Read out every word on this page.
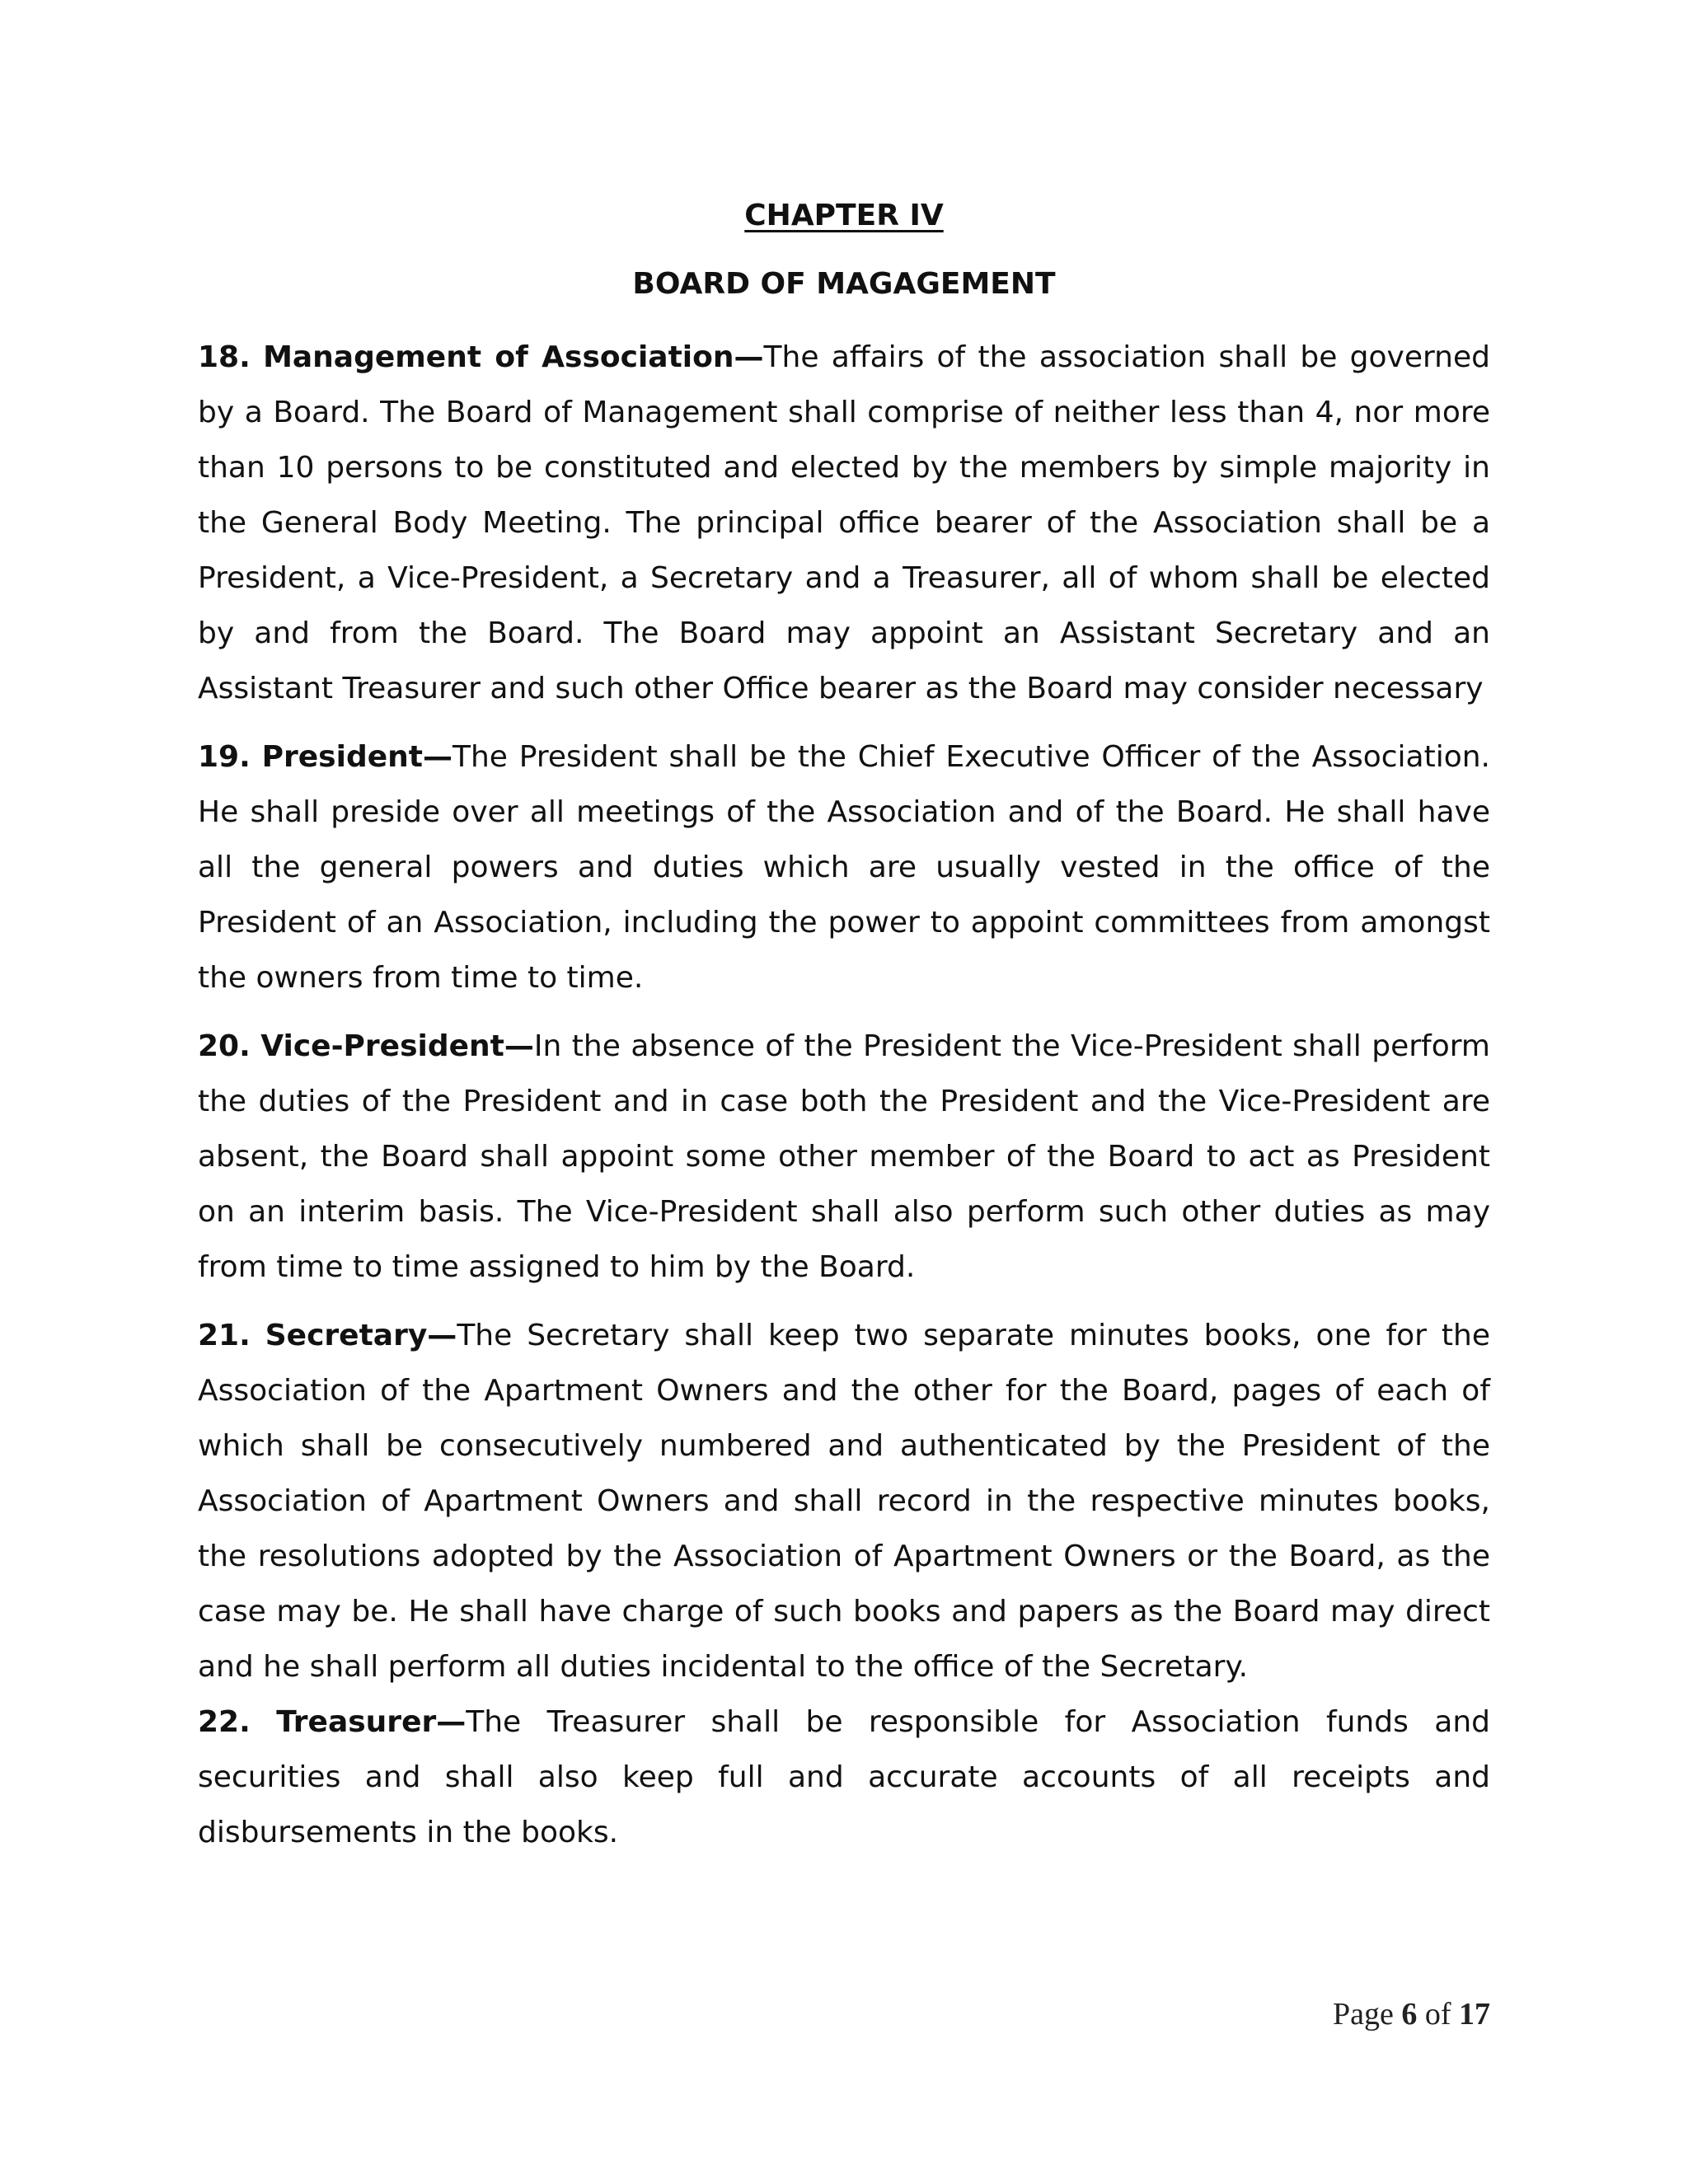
CHAPTER IV
BOARD OF MAGAGEMENT

18. Management of Association—The affairs of the association shall be governed by a Board. The Board of Management shall comprise of neither less than 4, nor more than 10 persons to be constituted and elected by the members by simple majority in the General Body Meeting. The principal office bearer of the Association shall be a President, a Vice-President, a Secretary and a Treasurer, all of whom shall be elected by and from the Board. The Board may appoint an Assistant Secretary and an Assistant Treasurer and such other Office bearer as the Board may consider necessary

19. President—The President shall be the Chief Executive Officer of the Association. He shall preside over all meetings of the Association and of the Board. He shall have all the general powers and duties which are usually vested in the office of the President of an Association, including the power to appoint committees from amongst the owners from time to time.

20. Vice-President—In the absence of the President the Vice-President shall perform the duties of the President and in case both the President and the Vice-President are absent, the Board shall appoint some other member of the Board to act as President on an interim basis. The Vice-President shall also perform such other duties as may from time to time assigned to him by the Board.

21. Secretary—The Secretary shall keep two separate minutes books, one for the Association of the Apartment Owners and the other for the Board, pages of each of which shall be consecutively numbered and authenticated by the President of the Association of Apartment Owners and shall record in the respective minutes books, the resolutions adopted by the Association of Apartment Owners or the Board, as the case may be. He shall have charge of such books and papers as the Board may direct and he shall perform all duties incidental to the office of the Secretary.

22. Treasurer—The Treasurer shall be responsible for Association funds and securities and shall also keep full and accurate accounts of all receipts and disbursements in the books.

Page 6 of 17
